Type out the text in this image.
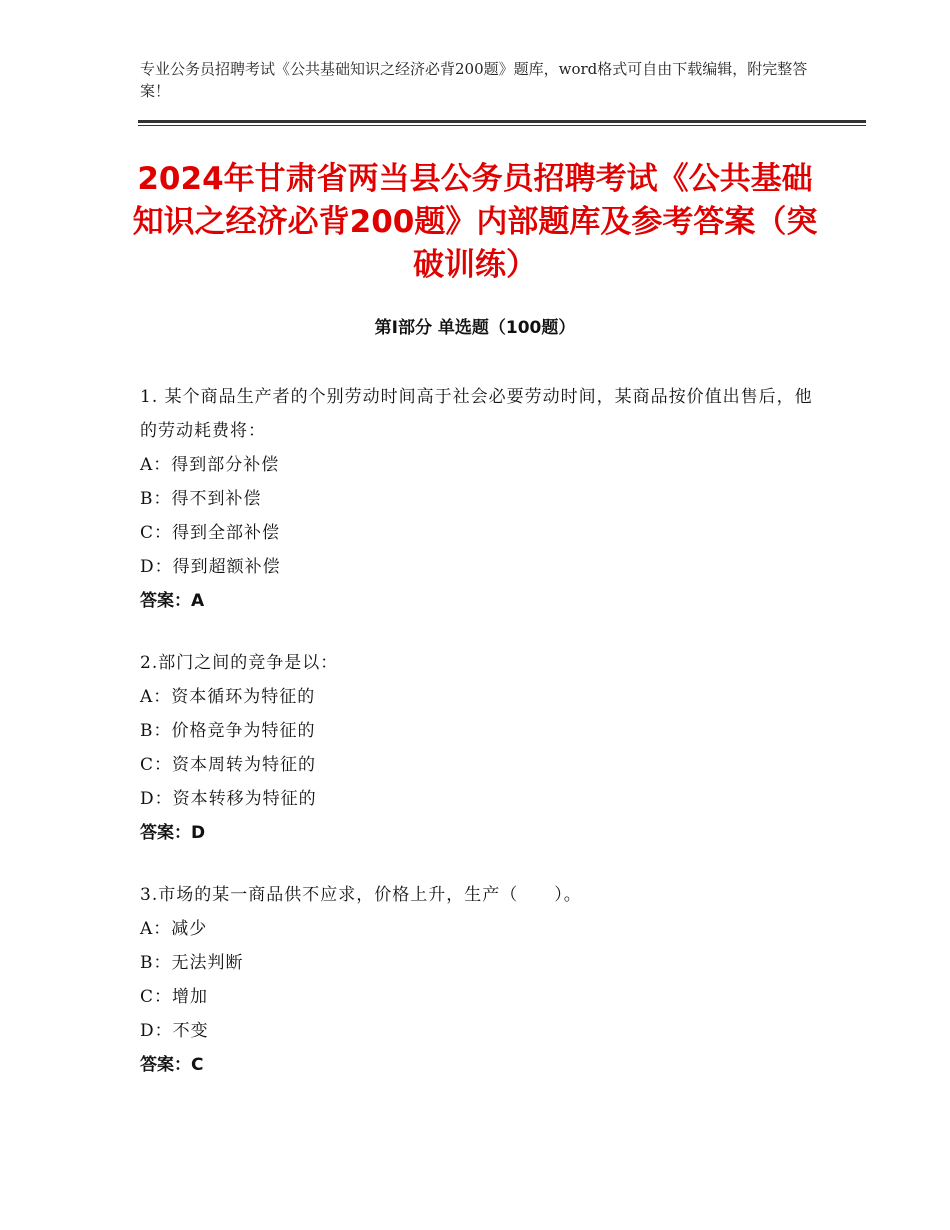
专业公务员招聘考试《公共基础知识之经济必背200题》题库，word格式可自由下载编辑，附完整答案！
2024年甘肃省两当县公务员招聘考试《公共基础知识之经济必背200题》内部题库及参考答案（突破训练）
第Ⅰ部分 单选题（100题）
1. 某个商品生产者的个别劳动时间高于社会必要劳动时间，某商品按价值出售后，他的劳动耗费将：
A：得到部分补偿
B：得不到补偿
C：得到全部补偿
D：得到超额补偿
答案：A
2.部门之间的竞争是以：
A：资本循环为特征的
B：价格竞争为特征的
C：资本周转为特征的
D：资本转移为特征的
答案：D
3.市场的某一商品供不应求，价格上升，生产（　　）。
A：减少
B：无法判断
C：增加
D：不变
答案：C
